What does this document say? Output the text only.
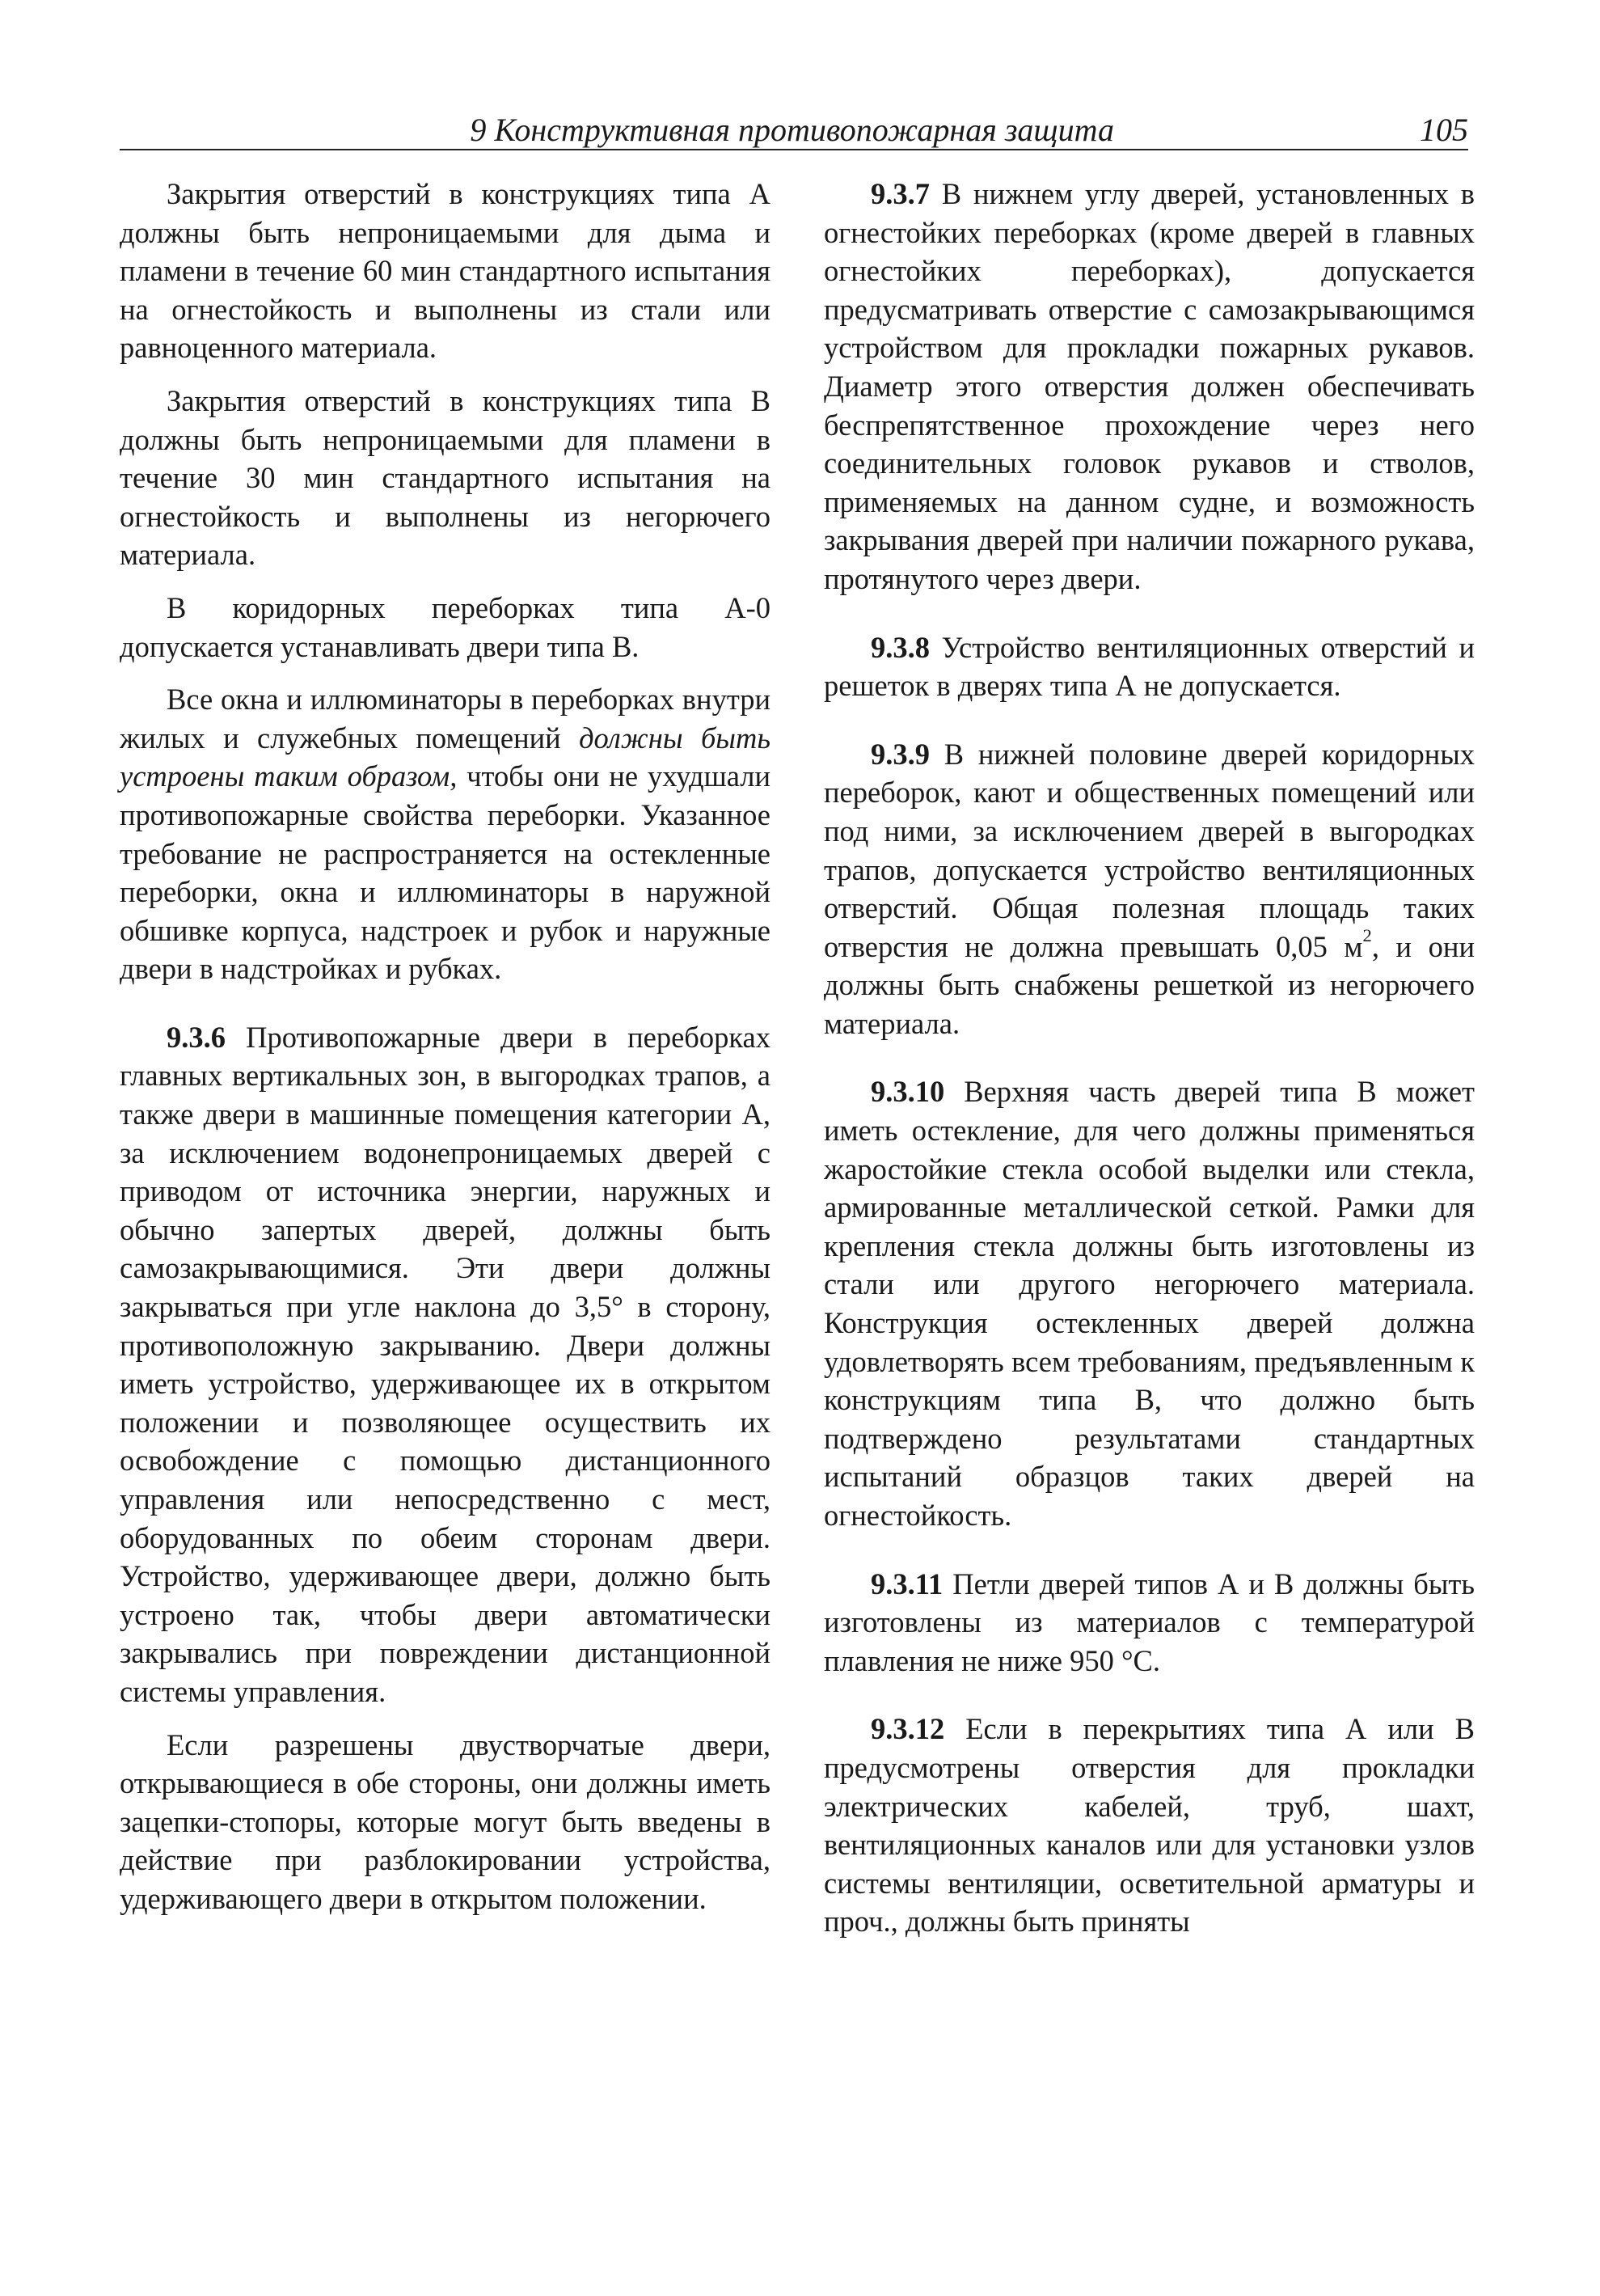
9 Конструктивная противопожарная защита	105

Закрытия отверстий в конструкциях типа А должны быть непроницаемыми для дыма и пламени в течение 60 мин стандартного испытания на огнестойкость и выполнены из стали или равноценного материала.

Закрытия отверстий в конструкциях типа В должны быть непроницаемыми для пламени в течение 30 мин стандартного испытания на огнестойкость и выполнены из негорючего материала.

В коридорных переборках типа А-0 допускается устанавливать двери типа В.

Все окна и иллюминаторы в переборках внутри жилых и служебных помещений должны быть устроены таким образом, чтобы они не ухудшали противопожарные свойства переборки. Указанное требование не распространяется на остекленные переборки, окна и иллюминаторы в наружной обшивке корпуса, надстроек и рубок и наружные двери в надстройках и рубках.

9.3.6 Противопожарные двери в переборках главных вертикальных зон, в выгородках трапов, а также двери в машинные помещения категории А, за исключением водонепроницаемых дверей с приводом от источника энергии, наружных и обычно запертых дверей, должны быть самозакрывающимися. Эти двери должны закрываться при угле наклона до 3,5° в сторону, противоположную закрыванию. Двери должны иметь устройство, удерживающее их в открытом положении и позволяющее осуществить их освобождение с помощью дистанционного управления или непосредственно с мест, оборудованных по обеим сторонам двери. Устройство, удерживающее двери, должно быть устроено так, чтобы двери автоматически закрывались при повреждении дистанционной системы управления.

Если разрешены двустворчатые двери, открывающиеся в обе стороны, они должны иметь зацепки-стопоры, которые могут быть введены в действие при разблокировании устройства, удерживающего двери в открытом положении.

9.3.7 В нижнем углу дверей, установленных в огнестойких переборках (кроме дверей в главных огнестойких переборках), допускается предусматривать отверстие с самозакрывающимся устройством для прокладки пожарных рукавов. Диаметр этого отверстия должен обеспечивать беспрепятственное прохождение через него соединительных головок рукавов и стволов, применяемых на данном судне, и возможность закрывания дверей при наличии пожарного рукава, протянутого через двери.

9.3.8 Устройство вентиляционных отверстий и решеток в дверях типа А не допускается.

9.3.9 В нижней половине дверей коридорных переборок, кают и общественных помещений или под ними, за исключением дверей в выгородках трапов, допускается устройство вентиляционных отверстий. Общая полезная площадь таких отверстия не должна превышать 0,05 $м^2$, и они должны быть снабжены решеткой из негорючего материала.

9.3.10 Верхняя часть дверей типа В может иметь остекление, для чего должны применяться жаростойкие стекла особой выделки или стекла, армированные металлической сеткой. Рамки для крепления стекла должны быть изготовлены из стали или другого негорючего материала. Конструкция остекленных дверей должна удовлетворять всем требованиям, предъявленным к конструкциям типа В, что должно быть подтверждено результатами стандартных испытаний образцов таких дверей на огнестойкость.

9.3.11 Петли дверей типов А и В должны быть изготовлены из материалов с температурой плавления не ниже 950 °С.

9.3.12 Если в перекрытиях типа А или В предусмотрены отверстия для прокладки электрических кабелей, труб, шахт, вентиляционных каналов или для установки узлов системы вентиляции, осветительной арматуры и проч., должны быть приняты
